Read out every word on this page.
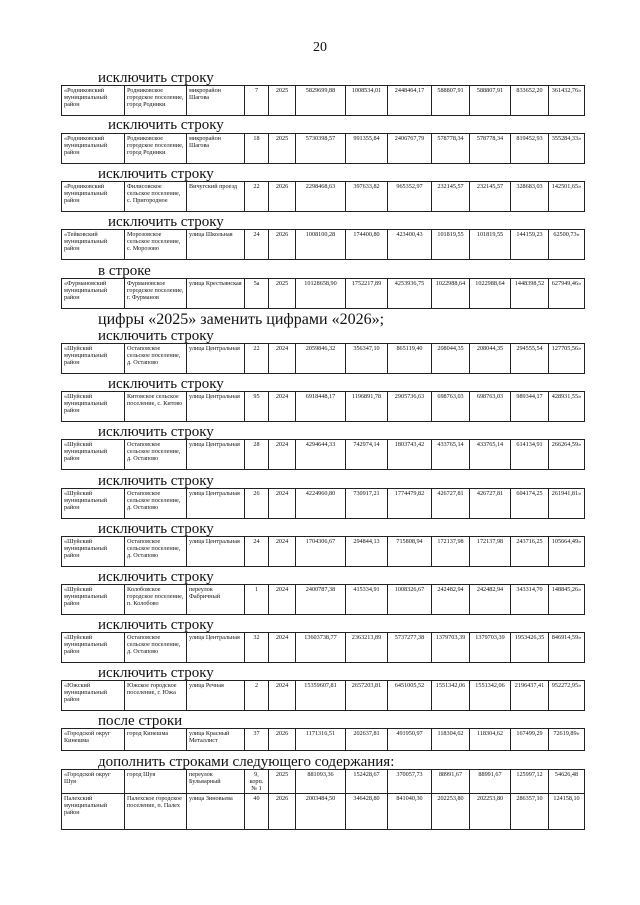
20
исключить строку
«Родниковский муниципальный район	Родниковское городское поселение, город Родники	микрорайон Шагова	7	2025	5829699,88	1008534,01	2448464,17	588807,91	588807,91	833652,20	361432,76»
исключить строку
«Родниковский муниципальный район	Родниковское городское поселение, город Родники	микрорайон Шагова	18	2025	5730398,57	991355,84	2406767,79	578778,34	578778,34	819452,93	355284,33»
исключить строку
«Родниковский муниципальный район	Филисовское сельское поселение, с. Пригородное	Вичугский проезд	22	2026	2298468,63	397633,82	965352,97	232145,57	232145,57	328683,03	142501,65»
исключить строку
«Тейковский муниципальный район	Морозовское сельское поселение, с. Морозово	улица Школьная	24	2026	1008100,28	174400,80	423400,43	101819,55	101819,55	144159,23	62500,73»
в строке
«Фурмановский муниципальный район	Фурмановское городское поселение, г. Фурманов	улица Крестьянская	5а	2025	10128658,90	1752217,89	4253936,75	1022988,64	1022988,64	1448398,52	627949,46»
цифры «2025» заменить цифрами «2026»;
исключить строку
«Шуйский муниципальный район	Остаповское сельское поселение, д. Остапово	улица Центральная	22	2024	2059846,32	356347,10	865119,40	208044,35	208044,35	294555,54	127705,56»
исключить строку
«Шуйский муниципальный район	Китовское сельское поселение, с. Китово	улица Центральная	95	2024	6918448,17	1196891,78	2905736,63	698763,03	698763,03	989344,17	428931,55»
исключить строку
«Шуйский муниципальный район	Остаповское сельское поселение, д. Остапово	улица Центральная	28	2024	4294644,33	742974,14	1803743,42	433765,14	433765,14	614134,91	266264,59»
исключить строку
«Шуйский муниципальный район	Остаповское сельское поселение, д. Остапово	улица Центральная	26	2024	4224960,80	730917,21	1774479,82	426727,81	426727,81	604174,25	261941,81»
исключить строку
«Шуйский муниципальный район	Остаповское сельское поселение, д. Остапово	улица Центральная	24	2024	1704306,67	294844,13	715808,94	172137,98	172137,98	243716,25	105664,49»
исключить строку
«Шуйский муниципальный район	Колобовское городское поселение, п. Колобово	переулок Фабричный	1	2024	2400787,38	415334,91	1008326,67	242482,94	242482,94	343314,70	148845,26»
исключить строку
«Шуйский муниципальный район	Остаповское сельское поселение, д. Остапово	улица Центральная	32	2024	13603738,77	2363213,89	5737277,38	1379703,39	1379703,39	1953426,35	846914,59»
исключить строку
«Южский муниципальный район	Южское городское поселение, г. Южа	улица Речная	2	2024	15359607,81	2657203,81	6451005,52	1551342,06	1551342,06	2196437,41	952272,95»
после строки
«Городской округ Кинешма	город Кинешма	улица Красный Металлист	37	2026	1171316,51	202637,81	491950,97	118304,62	118304,62	167499,29	72619,89»
дополнить строками следующего содержания:
«Городской округ Шуя	город Шуя	переулок Бульварный	9, корп. № 1	2025	881093,36	152428,67	370057,73	88991,67	88991,67	125997,12	54626,48
Палехский муниципальный район	Палехское городское поселение, п. Палех	улица Зиновьева	40	2026	2003484,50	346428,80	841040,30	202253,80	202253,80	286357,10	124158,10
